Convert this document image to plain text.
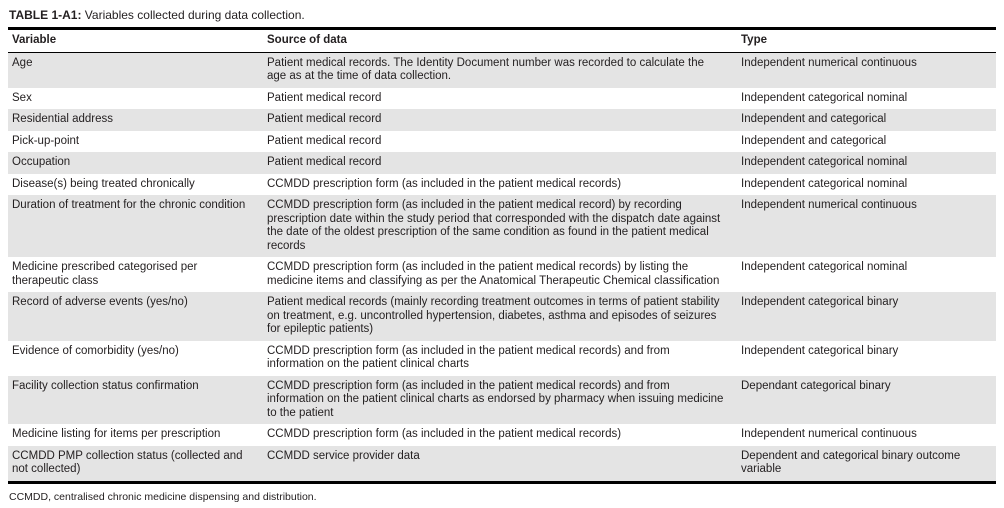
TABLE 1-A1: Variables collected during data collection.

Variable	Source of data	Type
Age	Patient medical records. The Identity Document number was recorded to calculate the age as at the time of data collection.	Independent numerical continuous
Sex	Patient medical record	Independent categorical nominal
Residential address	Patient medical record	Independent and categorical
Pick-up-point	Patient medical record	Independent and categorical
Occupation	Patient medical record	Independent categorical nominal
Disease(s) being treated chronically	CCMDD prescription form (as included in the patient medical records)	Independent categorical nominal
Duration of treatment for the chronic condition	CCMDD prescription form (as included in the patient medical record) by recording prescription date within the study period that corresponded with the dispatch date against the date of the oldest prescription of the same condition as found in the patient medical records	Independent numerical continuous
Medicine prescribed categorised per therapeutic class	CCMDD prescription form (as included in the patient medical records) by listing the medicine items and classifying as per the Anatomical Therapeutic Chemical classification	Independent categorical nominal
Record of adverse events (yes/no)	Patient medical records (mainly recording treatment outcomes in terms of patient stability on treatment, e.g. uncontrolled hypertension, diabetes, asthma and episodes of seizures for epileptic patients)	Independent categorical binary
Evidence of comorbidity (yes/no)	CCMDD prescription form (as included in the patient medical records) and from information on the patient clinical charts	Independent categorical binary
Facility collection status confirmation	CCMDD prescription form (as included in the patient medical records) and from information on the patient clinical charts as endorsed by pharmacy when issuing medicine to the patient	Dependant categorical binary
Medicine listing for items per prescription	CCMDD prescription form (as included in the patient medical records)	Independent numerical continuous
CCMDD PMP collection status (collected and not collected)	CCMDD service provider data	Dependent and categorical binary outcome variable

CCMDD, centralised chronic medicine dispensing and distribution.
